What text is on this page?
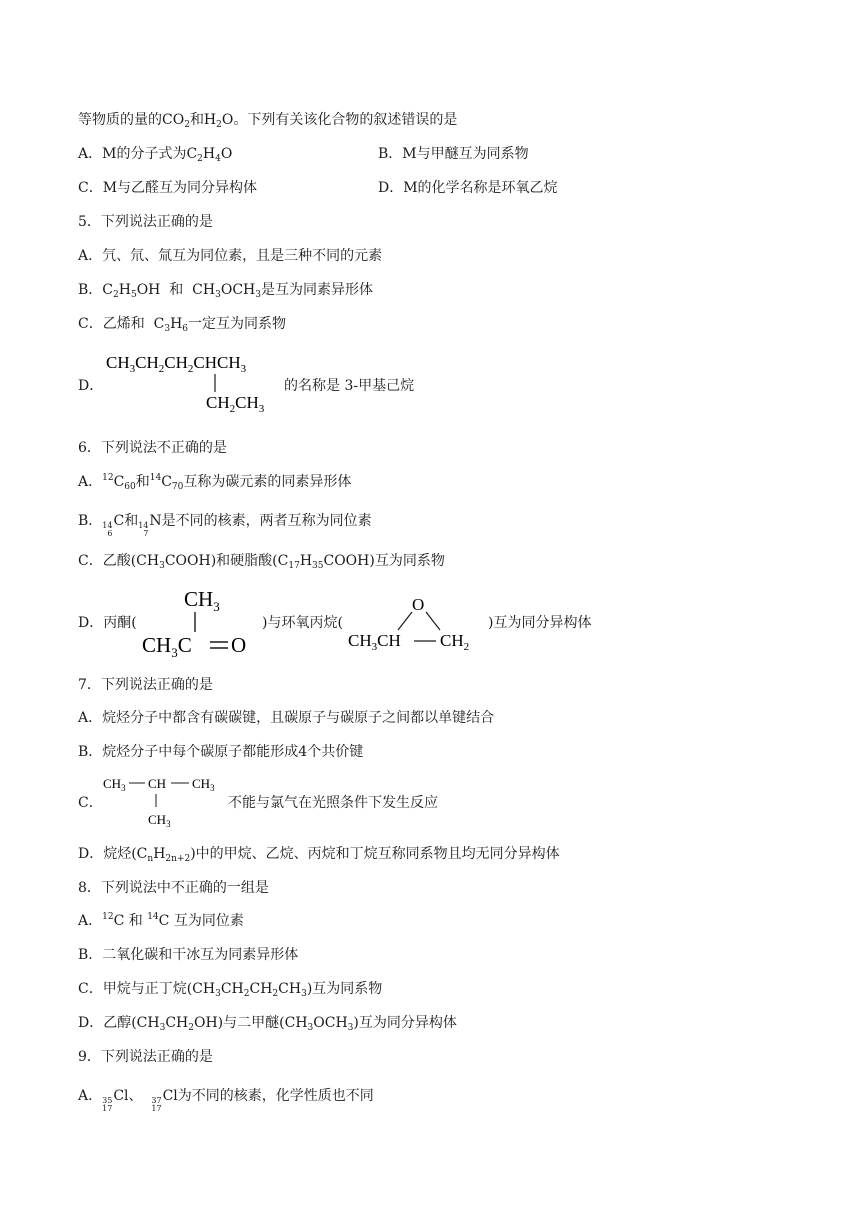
等物质的量的$CO_2$和$H_2O$。下列有关该化合物的叙述错误的是
A．M的分子式为$C_2H_4O$	B．M与甲醚互为同系物
C．M与乙醛互为同分异构体	D．M的化学名称是环氧乙烷
5．下列说法正确的是
A．氕、氘、氚互为同位素，且是三种不同的元素
B．$C_2H_5OH$  和  $CH_3OCH_3$是互为同素异形体
C．乙烯和  $C_3H_6$一定互为同系物
D．
$CH_3CH_2CH_2CHCH_3$
$CH_2CH_3$
的名称是 3-甲基己烷
6．下列说法不正确的是
A．$^{12}C_{60}$和$^{14}C_{70}$互称为碳元素的同素异形体
B． 14
6
C和 14
7
N是不同的核素，两者互称为同位素
C．乙酸$(CH_3COOH)$和硬脂酸$(C_{17}H_{35}COOH)$互为同系物
D．丙酮(
$CH_3$
$CH_3C$ O
)与环氧丙烷(
O
$CH_3CH$ $CH_2$
)互为同分异构体
7．下列说法正确的是
A．烷烃分子中都含有碳碳键，且碳原子与碳原子之间都以单键结合
B．烷烃分子中每个碳原子都能形成4个共价键
C．
$CH_3$ CH $CH_3$
$CH_3$
不能与氯气在光照条件下发生反应
D．烷烃$(C_nH_{2n+2})$中的甲烷、乙烷、丙烷和丁烷互称同系物且均无同分异构体
8．下列说法中不正确的一组是
A．$^{12}$C 和 $^{14}$C 互为同位素
B．二氧化碳和干冰互为同素异形体
C．甲烷与正丁烷$(CH_3CH_2CH_2CH_3)$互为同系物
D．乙醇$(CH_3CH_2OH)$与二甲醚$(CH_3OCH_3)$互为同分异构体
9．下列说法正确的是
A． 35
17
Cl、 37
17
Cl为不同的核素，化学性质也不同
